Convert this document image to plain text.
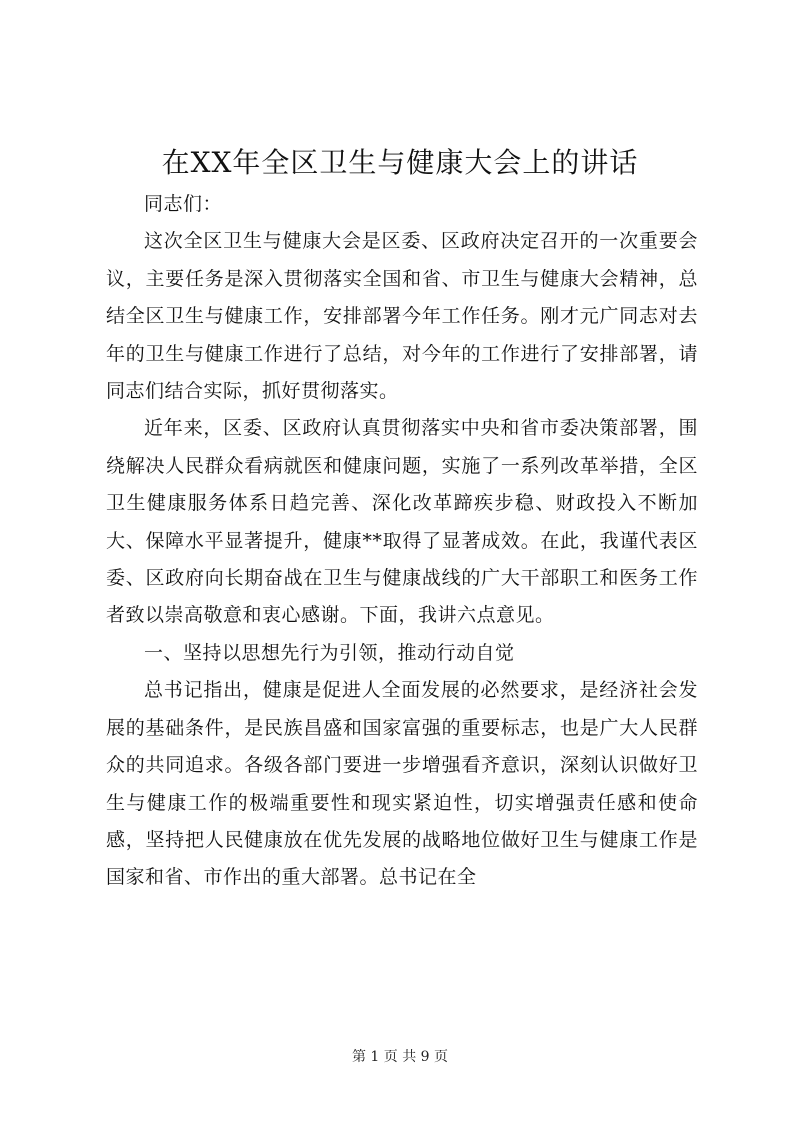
在XX年全区卫生与健康大会上的讲话

同志们：

这次全区卫生与健康大会是区委、区政府决定召开的一次重要会议，主要任务是深入贯彻落实全国和省、市卫生与健康大会精神，总结全区卫生与健康工作，安排部署今年工作任务。刚才元广同志对去年的卫生与健康工作进行了总结，对今年的工作进行了安排部署，请同志们结合实际，抓好贯彻落实。

近年来，区委、区政府认真贯彻落实中央和省市委决策部署，围绕解决人民群众看病就医和健康问题，实施了一系列改革举措，全区卫生健康服务体系日趋完善、深化改革蹄疾步稳、财政投入不断加大、保障水平显著提升，健康**取得了显著成效。在此，我谨代表区委、区政府向长期奋战在卫生与健康战线的广大干部职工和医务工作者致以崇高敬意和衷心感谢。下面，我讲六点意见。

一、坚持以思想先行为引领，推动行动自觉

总书记指出，健康是促进人全面发展的必然要求，是经济社会发展的基础条件，是民族昌盛和国家富强的重要标志，也是广大人民群众的共同追求。各级各部门要进一步增强看齐意识，深刻认识做好卫生与健康工作的极端重要性和现实紧迫性，切实增强责任感和使命感，坚持把人民健康放在优先发展的战略地位做好卫生与健康工作是国家和省、市作出的重大部署。总书记在全

第 1 页 共 9 页
